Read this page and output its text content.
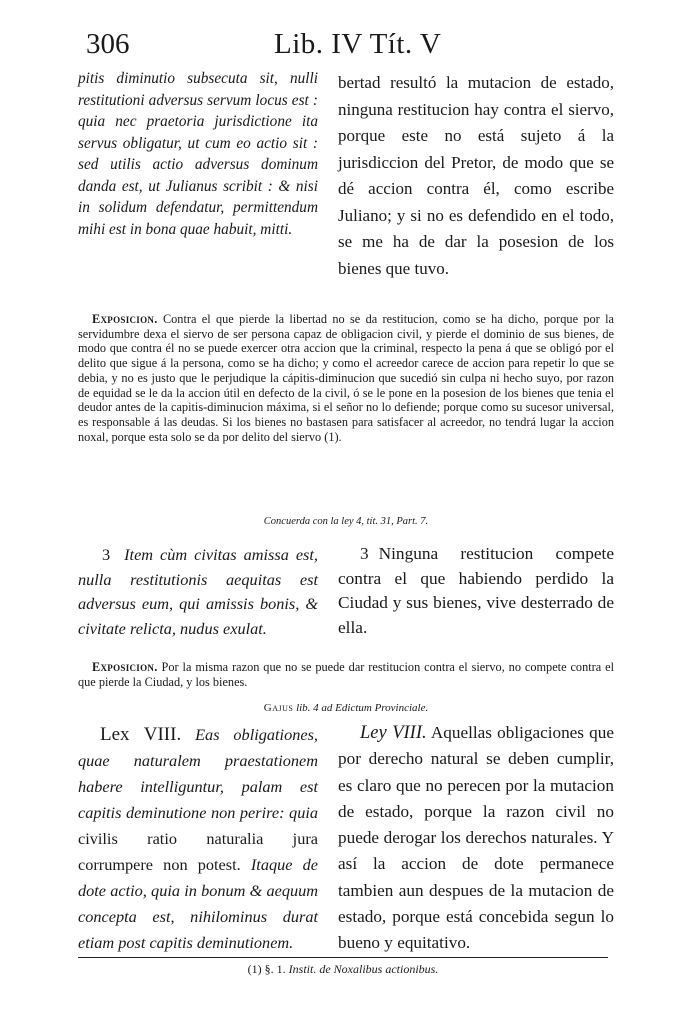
306	Lib. IV Tít. V
pitis diminutio subsecuta sit, nulli restitutioni adversus servum locus est : quia nec praetoria jurisdictione ita servus obligatur, ut cum eo actio sit : sed utilis actio adversus dominum danda est, ut Julianus scribit : & nisi in solidum defendatur, permittendum mihi est in bona quae habuit, mitti.
bertad resultó la mutacion de estado, ninguna restitucion hay contra el siervo, porque este no está sujeto á la jurisdiccion del Pretor, de modo que se dé accion contra él, como escribe Juliano; y si no es defendido en el todo, se me ha de dar la posesion de los bienes que tuvo.
Exposicion. Contra el que pierde la libertad no se da restitucion, como se ha dicho, porque por la servidumbre dexa el siervo de ser persona capaz de obligacion civil, y pierde el dominio de sus bienes, de modo que contra él no se puede exercer otra accion que la criminal, respecto la pena á que se obligó por el delito que sigue á la persona, como se ha dicho; y como el acreedor carece de accion para repetir lo que se debia, y no es justo que le perjudique la cápitis-diminucion que sucedió sin culpa ni hecho suyo, por razon de equidad se le da la accion útil en defecto de la civil, ó se le pone en la posesion de los bienes que tenia el deudor antes de la capitis-diminucion máxima, si el señor no lo defiende; porque como su sucesor universal, es responsable á las deudas. Si los bienes no bastasen para satisfacer al acreedor, no tendrá lugar la accion noxal, porque esta solo se da por delito del siervo (1).
Concuerda con la ley 4, tít. 31, Part. 7.
3 Item cùm civitas amissa est, nulla restitutionis aequitas est adversus eum, qui amissis bonis, & civitate relicta, nudus exulat.
3 Ninguna restitucion compete contra el que habiendo perdido la Ciudad y sus bienes, vive desterrado de ella.
Exposicion. Por la misma razon que no se puede dar restitucion contra el siervo, no compete contra el que pierde la Ciudad, y los bienes.
Gajus lib. 4 ad Edictum Provinciale.
Lex VIII. Eas obligationes, quae naturalem praestationem habere intelliguntur, palam est capitis deminutione non perire: quia civilis ratio naturalia jura corrumpere non potest. Itaque de dote actio, quia in bonum & aequum concepta est, nihilominus durat etiam post capitis deminutionem.
Ley VIII. Aquellas obligaciones que por derecho natural se deben cumplir, es claro que no perecen por la mutacion de estado, porque la razon civil no puede derogar los derechos naturales. Y así la accion de dote permanece tambien aun despues de la mutacion de estado, porque está concebida segun lo bueno y equitativo.
(1) §. 1. Instit. de Noxalibus actionibus.
